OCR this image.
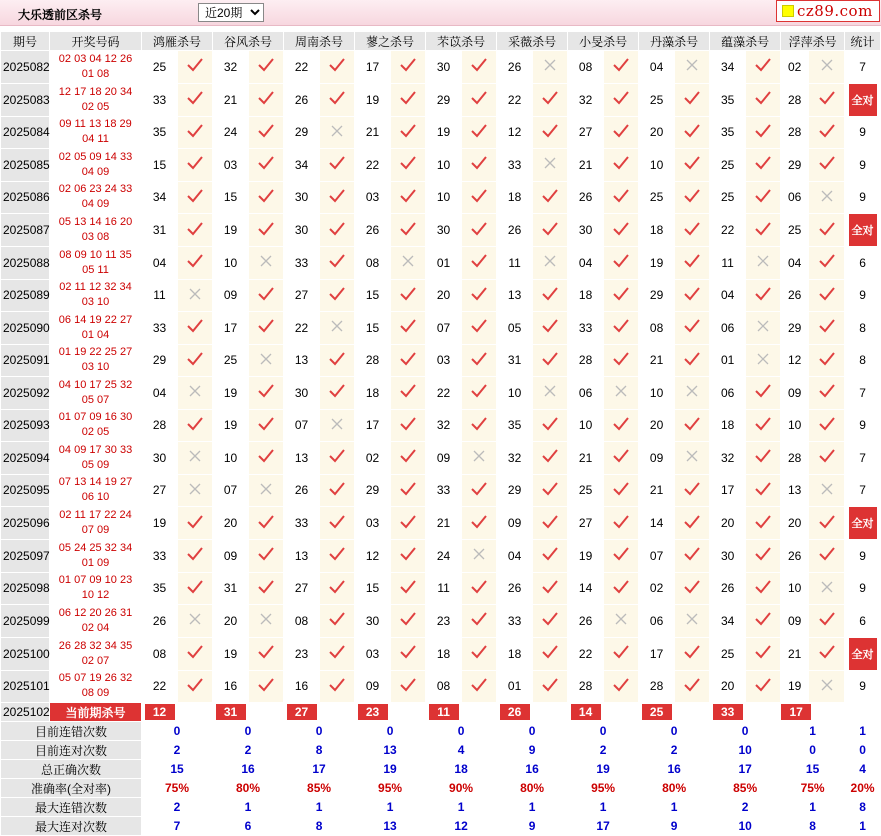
大乐透前区杀号
近20期	cz89.com
期号	开奖号码	鸿雁杀号		谷风杀号		周南杀号		蓼之杀号		芣苡杀号		采薇杀号		小旻杀号		丹藻杀号		蕴藻杀号		浮萍杀号		统计
2025082	02 03 04 12 26
01 08	25		32		22		17		30		26		08		04		34		02		7
2025083	12 17 18 20 34
02 05	33		21		26		19		29		22		32		25		35		28		全对
2025084	09 11 13 18 29
04 11	35		24		29		21		19		12		27		20		35		28		9
2025085	02 05 09 14 33
04 09	15		03		34		22		10		33		21		10		25		29		9
2025086	02 06 23 24 33
04 09	34		15		30		03		10		18		26		25		25		06		9
2025087	05 13 14 16 20
03 08	31		19		30		26		30		26		30		18		22		25		全对
2025088	08 09 10 11 35
05 11	04		10		33		08		01		11		04		19		11		04		6
2025089	02 11 12 32 34
03 10	11		09		27		15		20		13		18		29		04		26		9
2025090	06 14 19 22 27
01 04	33		17		22		15		07		05		33		08		06		29		8
2025091	01 19 22 25 27
03 10	29		25		13		28		03		31		28		21		01		12		8
2025092	04 10 17 25 32
05 07	04		19		30		18		22		10		06		10		06		09		7
2025093	01 07 09 16 30
02 05	28		19		07		17		32		35		10		20		18		10		9
2025094	04 09 17 30 33
05 09	30		10		13		02		09		32		21		09		32		28		7
2025095	07 13 14 19 27
06 10	27		07		26		29		33		29		25		21		17		13		7
2025096	02 11 17 22 24
07 09	19		20		33		03		21		09		27		14		20		20		全对
2025097	05 24 25 32 34
01 09	33		09		13		12		24		04		19		07		30		26		9
2025098	01 07 09 10 23
10 12	35		31		27		15		11		26		14		02		26		10		9
2025099	06 12 20 26 31
02 04	26		20		08		30		23		33		26		06		34		09		6
2025100	26 28 32 34 35
02 07	08		19		23		03		18		18		22		17		25		21		全对
2025101	05 07 19 26 32
08 09	22		16		16		09		08		01		28		28		20		19		9
2025102	当前期杀号	12		31		27		23		11		26		14		25		33		17		
目前连错次数		0		0		0		0		0		0		0		0		0		1		1
目前连对次数		2		2		8		13		4		9		2		2		10		0		0
总正确次数		15		16		17		19		18		16		19		16		17		15		4
准确率(全对率)		75%		80%		85%		95%		90%		80%		95%		80%		85%		75%		20%
最大连错次数		2		1		1		1		1		1		1		1		2		1		8
最大连对次数		7		6		8		13		12		9		17		9		10		8		1
